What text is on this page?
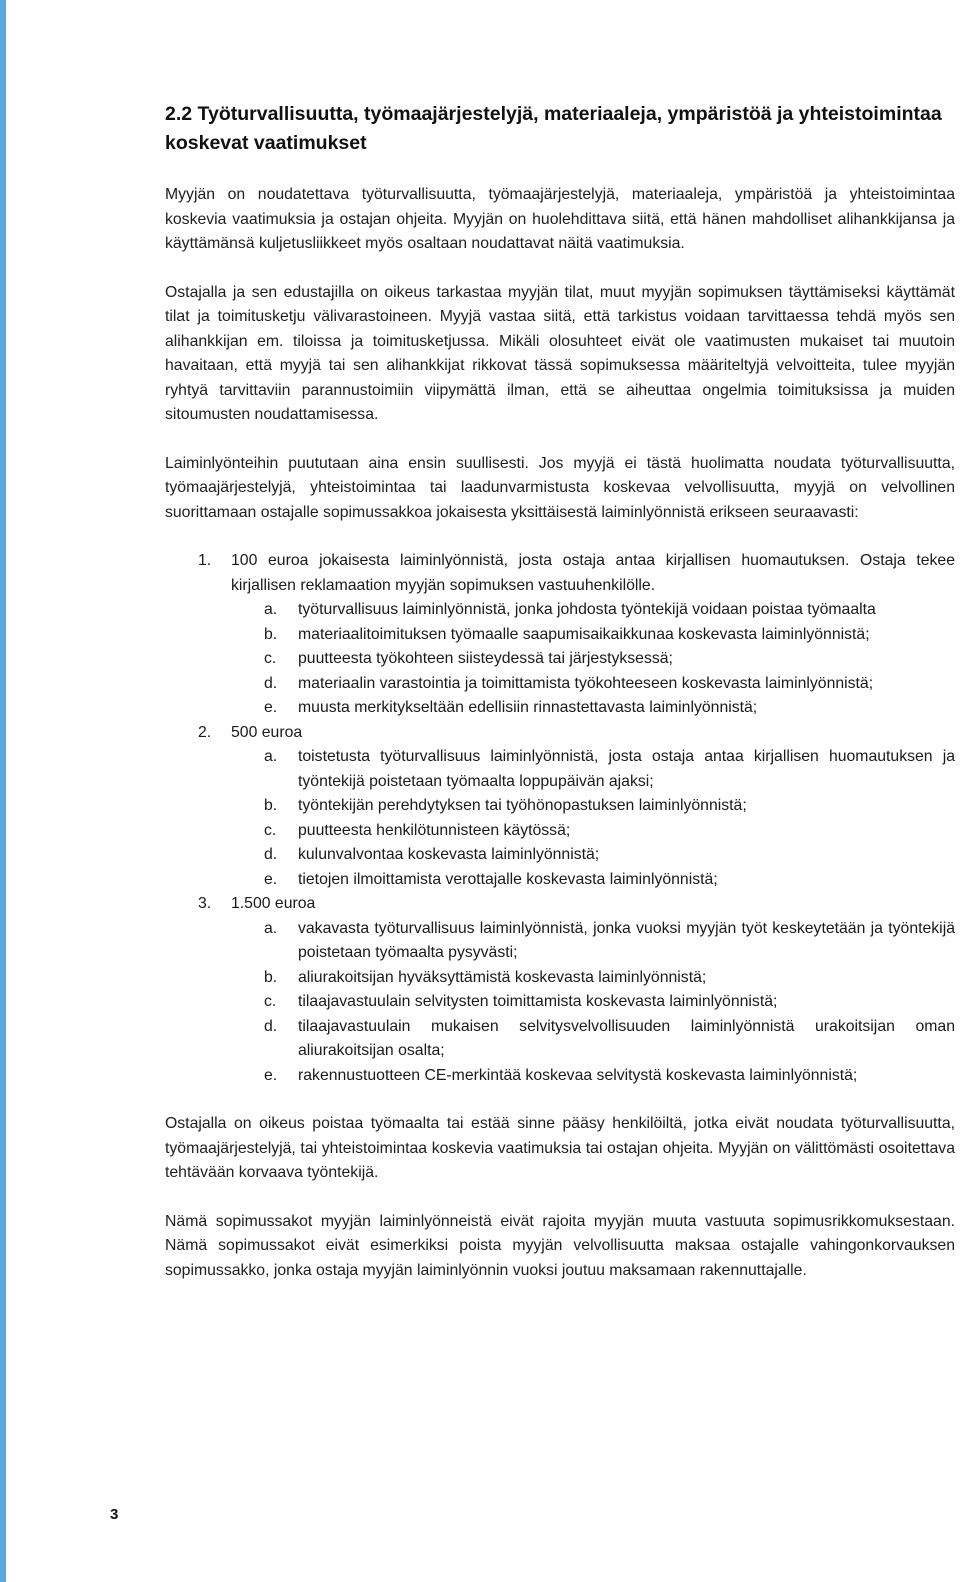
2.2 Työturvallisuutta, työmaajärjestelyjä, materiaaleja, ympäristöä ja yhteistoimintaa koskevat vaatimukset

Myyjän on noudatettava työturvallisuutta, työmaajärjestelyjä, materiaaleja, ympäristöä ja yhteistoimintaa koskevia vaatimuksia ja ostajan ohjeita. Myyjän on huolehdittava siitä, että hänen mahdolliset alihankkijansa ja käyttämänsä kuljetusliikkeet myös osaltaan noudattavat näitä vaatimuksia.

Ostajalla ja sen edustajilla on oikeus tarkastaa myyjän tilat, muut myyjän sopimuksen täyttämiseksi käyttämät tilat ja toimitusketju välivarastoineen. Myyjä vastaa siitä, että tarkistus voidaan tarvittaessa tehdä myös sen alihankkijan em. tiloissa ja toimitusketjussa. Mikäli olosuhteet eivät ole vaatimusten mukaiset tai muutoin havaitaan, että myyjä tai sen alihankkijat rikkovat tässä sopimuksessa määriteltyjä velvoitteita, tulee myyjän ryhtyä tarvittaviin parannustoimiin viipymättä ilman, että se aiheuttaa ongelmia toimituksissa ja muiden sitoumusten noudattamisessa.

Laiminlyönteihin puututaan aina ensin suullisesti. Jos myyjä ei tästä huolimatta noudata työturvallisuutta, työmaajärjestelyjä, yhteistoimintaa tai laadunvarmistusta koskevaa velvollisuutta, myyjä on velvollinen suorittamaan ostajalle sopimussakkoa jokaisesta yksittäisestä laiminlyönnistä erikseen seuraavasti:

1. 100 euroa jokaisesta laiminlyönnistä, josta ostaja antaa kirjallisen huomautuksen. Ostaja tekee kirjallisen reklamaation myyjän sopimuksen vastuuhenkilölle.
a. työturvallisuus laiminlyönnistä, jonka johdosta työntekijä voidaan poistaa työmaalta
b. materiaalitoimituksen työmaalle saapumisaikaikkunaa koskevasta laiminlyönnistä;
c. puutteesta työkohteen siisteydessä tai järjestyksessä;
d. materiaalin varastointia ja toimittamista työkohteeseen koskevasta laiminlyönnistä;
e. muusta merkitykseltään edellisiin rinnastettavasta laiminlyönnistä;
2. 500 euroa
a. toistetusta työturvallisuus laiminlyönnistä, josta ostaja antaa kirjallisen huomautuksen ja työntekijä poistetaan työmaalta loppupäivän ajaksi;
b. työntekijän perehdytyksen tai työhönopastuksen laiminlyönnistä;
c. puutteesta henkilötunnisteen käytössä;
d. kulunvalvontaa koskevasta laiminlyönnistä;
e. tietojen ilmoittamista verottajalle koskevasta laiminlyönnistä;
3. 1.500 euroa
a. vakavasta työturvallisuus laiminlyönnistä, jonka vuoksi myyjän työt keskeytetään ja työntekijä poistetaan työmaalta pysyvästi;
b. aliurakoitsijan hyväksyttämistä koskevasta laiminlyönnistä;
c. tilaajavastuulain selvitysten toimittamista koskevasta laiminlyönnistä;
d. tilaajavastuulain mukaisen selvitysvelvollisuuden laiminlyönnistä urakoitsijan oman aliurakoitsijan osalta;
e. rakennustuotteen CE-merkintää koskevaa selvitystä koskevasta laiminlyönnistä;

Ostajalla on oikeus poistaa työmaalta tai estää sinne pääsy henkilöiltä, jotka eivät noudata työturvallisuutta, työmaajärjestelyjä, tai yhteistoimintaa koskevia vaatimuksia tai ostajan ohjeita. Myyjän on välittömästi osoitettava tehtävään korvaava työntekijä.

Nämä sopimussakot myyjän laiminlyönneistä eivät rajoita myyjän muuta vastuuta sopimusrikkomuksestaan. Nämä sopimussakot eivät esimerkiksi poista myyjän velvollisuutta maksaa ostajalle vahingonkorvauksen sopimussakko, jonka ostaja myyjän laiminlyönnin vuoksi joutuu maksamaan rakennuttajalle.

3
